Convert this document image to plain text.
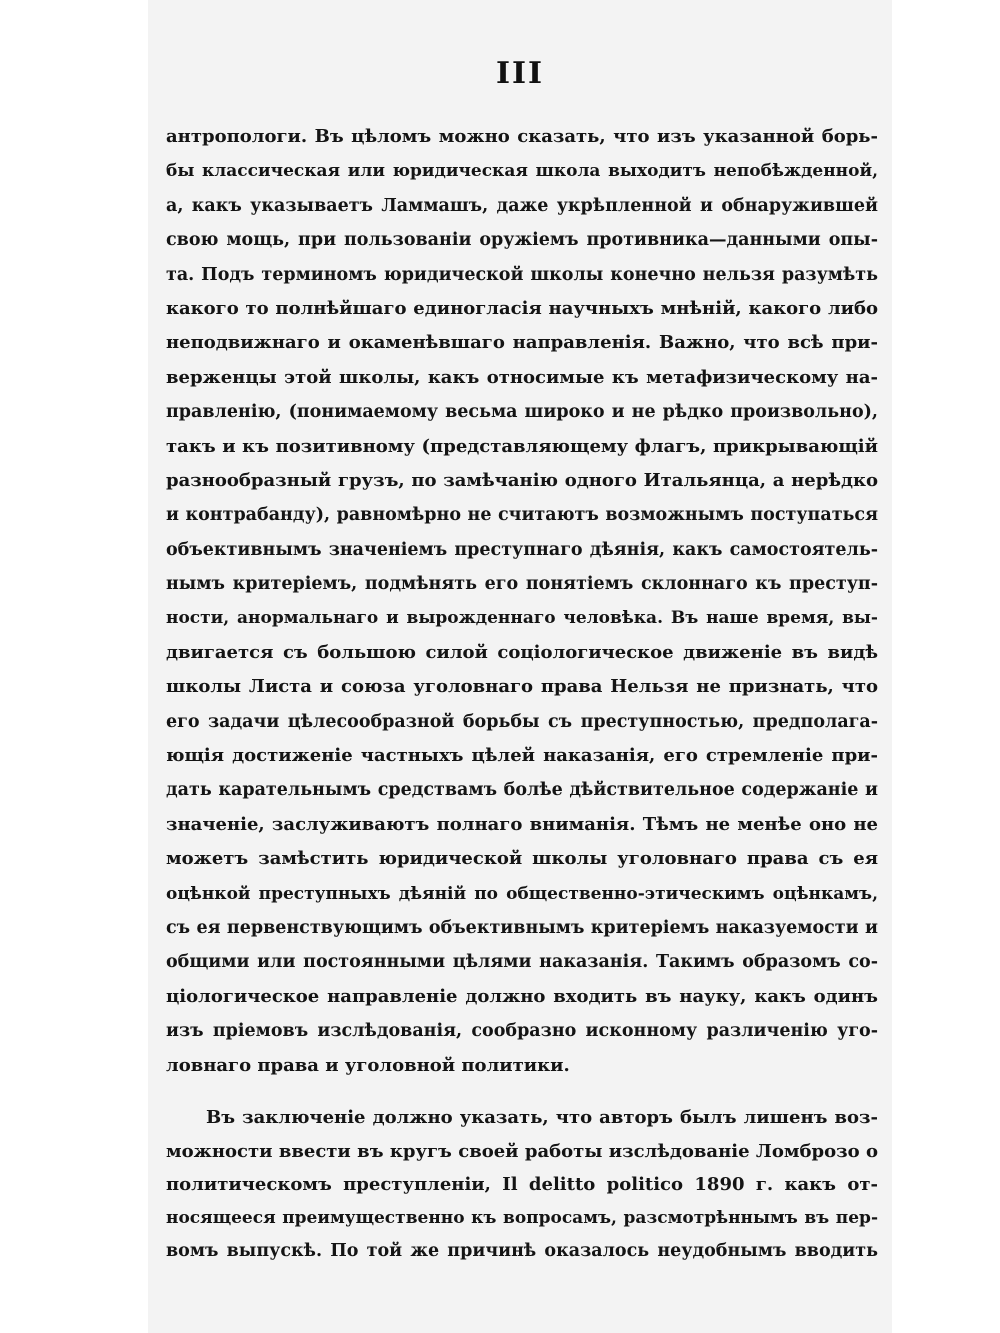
III
антропологи. Въ цѣломъ можно сказать, что изъ указанной борь-
бы классическая или юридическая школа выходитъ непобѣжденной,
а, какъ указываетъ Ламмашъ, даже укрѣпленной и обнаружившей
свою мощь, при пользованіи оружіемъ противника—данными опы-
та. Подъ терминомъ юридической школы конечно нельзя разумѣть
какого то полнѣйшаго единогласія научныхъ мнѣній, какого либо
неподвижнаго и окаменѣвшаго направленія. Важно, что всѣ при-
верженцы этой школы, какъ относимые къ метафизическому на-
правленію, (понимаемому весьма широко и не рѣдко произвольно),
такъ и къ позитивному (представляющему флагъ, прикрывающій
разнообразный грузъ, по замѣчанію одного Итальянца, а нерѣдко
и контрабанду), равномѣрно не считаютъ возможнымъ поступаться
объективнымъ значеніемъ преступнаго дѣянія, какъ самостоятель-
нымъ критеріемъ, подмѣнять его понятіемъ склоннаго къ преступ-
ности, анормальнаго и вырожденнаго человѣка. Въ наше время, вы-
двигается съ большою силой соціологическое движеніе въ видѣ
школы Листа и союза уголовнаго права Нельзя не признать, что
его задачи цѣлесообразной борьбы съ преступностью, предполага-
ющія достиженіе частныхъ цѣлей наказанія, его стремленіе при-
дать карательнымъ средствамъ болѣе дѣйствительное содержаніе и
значеніе, заслуживаютъ полнаго вниманія. Тѣмъ не менѣе оно не
можетъ замѣстить юридической школы уголовнаго права съ ея
оцѣнкой преступныхъ дѣяній по общественно-этическимъ оцѣнкамъ,
съ ея первенствующимъ объективнымъ критеріемъ наказуемости и
общими или постоянными цѣлями наказанія. Такимъ образомъ со-
ціологическое направленіе должно входить въ науку, какъ одинъ
изъ пріемовъ изслѣдованія, сообразно исконному различенію уго-
ловнаго права и уголовной политики.
Въ заключеніе должно указать, что авторъ былъ лишенъ воз-
можности ввести въ кругъ своей работы изслѣдованіе Ломброзо о
политическомъ преступленіи, Il delitto politico 1890 г. какъ от-
носящееся преимущественно къ вопросамъ, разсмотрѣннымъ въ пер-
вомъ выпускѣ. По той же причинѣ оказалось неудобнымъ вводить
